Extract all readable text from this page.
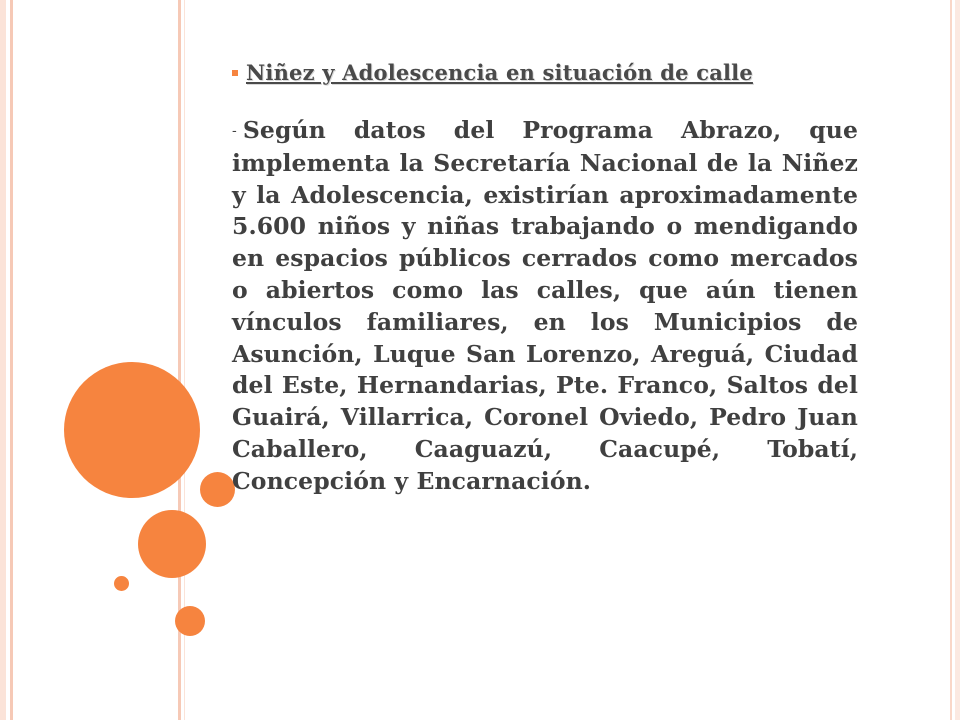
Niñez y Adolescencia en situación de calle
- Según datos del Programa Abrazo, que implementa la Secretaría Nacional de la Niñez y la Adolescencia, existirían aproximadamente 5.600 niños y niñas trabajando o mendigando en espacios públicos cerrados como mercados o abiertos como las calles, que aún tienen vínculos familiares, en los Municipios de Asunción, Luque San Lorenzo, Areguá, Ciudad del Este, Hernandarias, Pte. Franco, Saltos del Guairá, Villarrica, Coronel Oviedo, Pedro Juan Caballero, Caaguazú, Caacupé, Tobatí, Concepción y Encarnación.
